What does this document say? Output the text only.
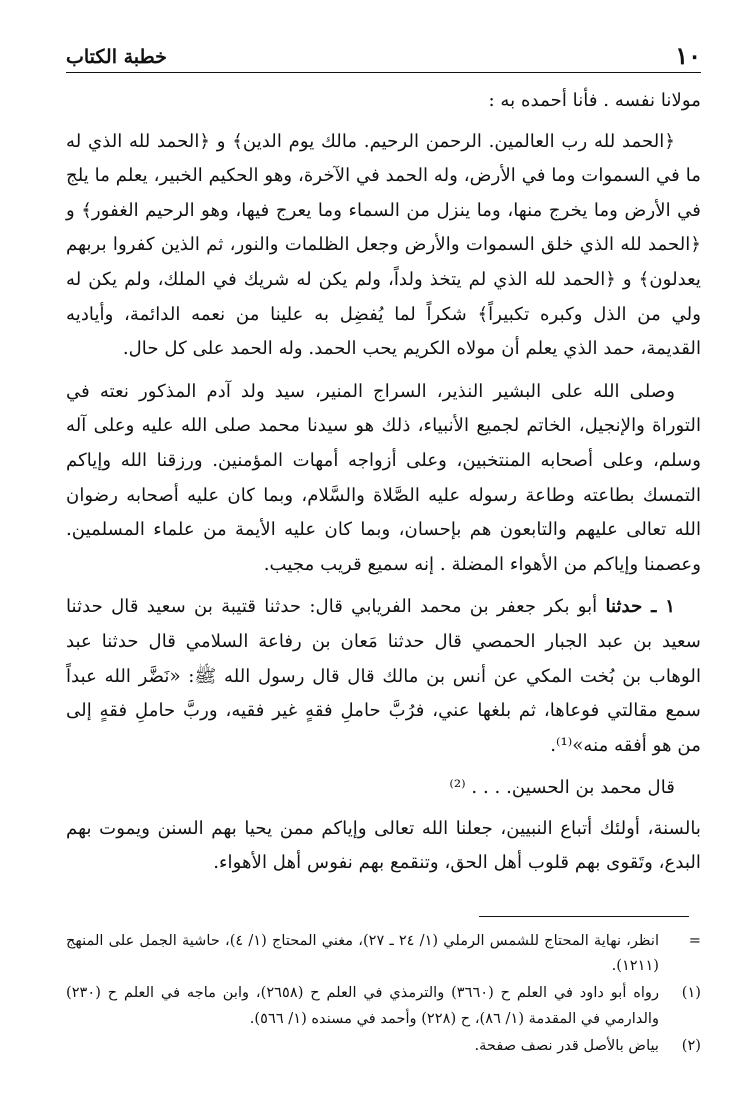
١٠
خطبة الكتاب

مولانا نفسه . فأنا أحمده به :

﴿الحمد لله رب العالمين. الرحمن الرحيم. مالك يوم الدين﴾ و ﴿الحمد لله الذي له ما في السموات وما في الأرض، وله الحمد في الآخرة، وهو الحكيم الخبير، يعلم ما يلج في الأرض وما يخرج منها، وما ينزل من السماء وما يعرج فيها، وهو الرحيم الغفور﴾ و ﴿الحمد لله الذي خلق السموات والأرض وجعل الظلمات والنور، ثم الذين كفروا بربهم يعدلون﴾ و ﴿الحمد لله الذي لم يتخذ ولداً، ولم يكن له شريك في الملك، ولم يكن له ولي من الذل وكبره تكبيراً﴾ شكراً لما يُفضِل به علينا من نعمه الدائمة، وأياديه القديمة، حمد الذي يعلم أن مولاه الكريم يحب الحمد. وله الحمد على كل حال.

وصلى الله على البشير النذير، السراج المنير، سيد ولد آدم المذكور نعته في التوراة والإنجيل، الخاتم لجميع الأنبياء، ذلك هو سيدنا محمد صلى الله عليه وعلى آله وسلم، وعلى أصحابه المنتخبين، وعلى أزواجه أمهات المؤمنين. ورزقنا الله وإياكم التمسك بطاعته وطاعة رسوله عليه الصَّلاة والسَّلام، وبما كان عليه أصحابه رضوان الله تعالى عليهم والتابعون هم بإحسان، وبما كان عليه الأيمة من علماء المسلمين. وعصمنا وإياكم من الأهواء المضلة . إنه سميع قريب مجيب.

١ ـ حدثنا أبو بكر جعفر بن محمد الفريابي قال: حدثنا قتيبة بن سعيد قال حدثنا سعيد بن عبد الجبار الحمصي قال حدثنا مَعان بن رفاعة السلامي قال حدثنا عبد الوهاب بن بُخت المكي عن أنس بن مالك قال قال رسول الله ﷺ: «نَضَّر الله عبداً سمع مقالتي فوعاها، ثم بلغها عني، فرُبَّ حاملِ فقهٍ غير فقيه، وربَّ حاملِ فقهٍ إلى من هو أفقه منه»⁽¹⁾.

قال محمد بن الحسين. . . . ⁽²⁾

بالسنة، أولئك أتباع النبيين، جعلنا الله تعالى وإياكم ممن يحيا بهم السنن ويموت بهم البدع، وتَقوى بهم قلوب أهل الحق، وتنقمع بهم نفوس أهل الأهواء.

=
انظر، نهاية المحتاج للشمس الرملي (١/ ٢٤ ـ ٢٧)، مغني المحتاج (١/ ٤)، حاشية الجمل على المنهج (١٢١١).
(١)
رواه أبو داود في العلم ح (٣٦٦٠) والترمذي في العلم ح (٢٦٥٨)، وابن ماجه في العلم ح (٢٣٠) والدارمي في المقدمة (١/ ٨٦)، ح (٢٢٨) وأحمد في مسنده (١/ ٥٦٦).
(٢)
بياض بالأصل قدر نصف صفحة.
